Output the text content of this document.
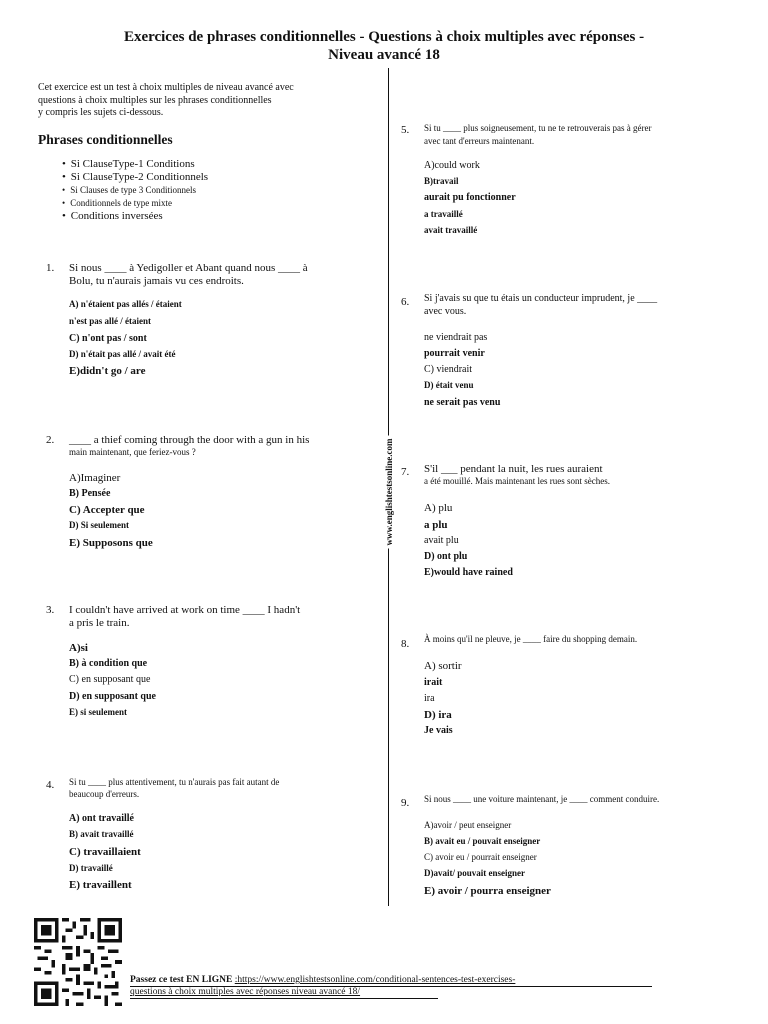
Exercices de phrases conditionnelles - Questions à choix multiples avec réponses -
Niveau avancé 18
Cet exercice est un test à choix multiples de niveau avancé avec
questions à choix multiples sur les phrases conditionnelles
y compris les sujets ci-dessous.
Phrases conditionnelles
• Si ClauseType-1 Conditions
• Si ClauseType-2 Conditionnels
• Si Clauses de type 3 Conditionnels
• Conditionnels de type mixte
• Conditions inversées
www.englishtestsonline.com
1. Si nous ____ à Yedigoller et Abant quand nous ____ à
Bolu, tu n'aurais jamais vu ces endroits.
A) n'étaient pas allés / étaient
n'est pas allé / étaient
C) n'ont pas / sont
D) n'était pas allé / avait été
E)didn't go / are
2. ____ a thief coming through the door with a gun in his
main maintenant, que feriez-vous ?
A)Imaginer
B) Pensée
C) Accepter que
D) Si seulement
E) Supposons que
3. I couldn't have arrived at work on time ____ I hadn't
a pris le train.
A)si
B) à condition que
C) en supposant que
D) en supposant que
E) si seulement
4. Si tu ____ plus attentivement, tu n'aurais pas fait autant de
beaucoup d'erreurs.
A) ont travaillé
B) avait travaillé
C) travaillaient
D) travaillé
E) travaillent
5. Si tu ____ plus soigneusement, tu ne te retrouverais pas à gérer
avec tant d'erreurs maintenant.
A)could work
B)travail
aurait pu fonctionner
a travaillé
avait travaillé
6. Si j'avais su que tu étais un conducteur imprudent, je ____
avec vous.
ne viendrait pas
pourrait venir
C) viendrait
D) était venu
ne serait pas venu
7. S'il ___ pendant la nuit, les rues auraient
a été mouillé. Mais maintenant les rues sont sèches.
A) plu
a plu
avait plu
D) ont plu
E)would have rained
8. À moins qu'il ne pleuve, je ____ faire du shopping demain.
A) sortir
irait
ira
D) ira
Je vais
9. Si nous ____ une voiture maintenant, je ____ comment conduire.
A)avoir / peut enseigner
B) avait eu / pouvait enseigner
C) avoir eu / pourrait enseigner
D)avait/ pouvait enseigner
E) avoir / pourra enseigner
Passez ce test EN LIGNE :https://www.englishtestsonline.com/conditional-sentences-test-exercises-
questions à choix multiples avec réponses niveau avancé 18/
